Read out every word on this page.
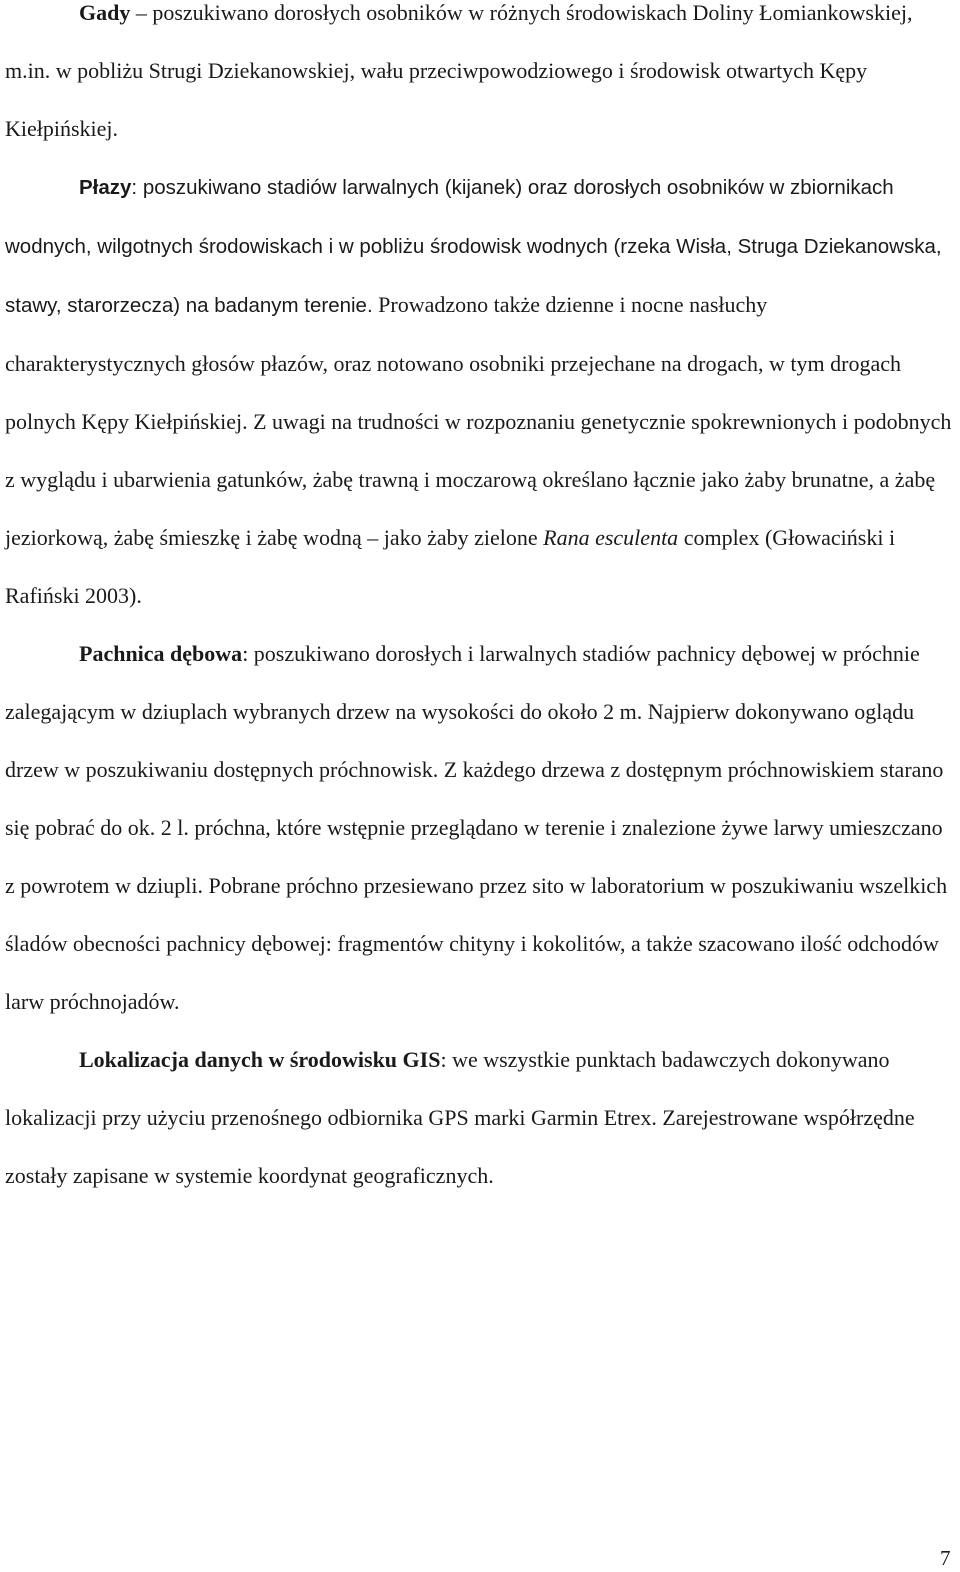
Gady – poszukiwano dorosłych osobników w różnych środowiskach Doliny Łomiankowskiej, m.in. w pobliżu Strugi Dziekanowskiej, wału przeciwpowodziowego i środowisk otwartych Kępy Kiełpińskiej.

Płazy: poszukiwano stadiów larwalnych (kijanek) oraz dorosłych osobników w zbiornikach wodnych, wilgotnych środowiskach i w pobliżu środowisk wodnych (rzeka Wisła, Struga Dziekanowska, stawy, starorzecza) na badanym terenie. Prowadzono także dzienne i nocne nasłuchy charakterystycznych głosów płazów, oraz notowano osobniki przejechane na drogach, w tym drogach polnych Kępy Kiełpińskiej. Z uwagi na trudności w rozpoznaniu genetycznie spokrewnionych i podobnych z wyglądu i ubarwienia gatunków, żabę trawną i moczarową określano łącznie jako żaby brunatne, a żabę jeziorkową, żabę śmieszkę i żabę wodną – jako żaby zielone Rana esculenta complex (Głowaciński i Rafiński 2003).

Pachnica dębowa: poszukiwano dorosłych i larwalnych stadiów pachnicy dębowej w próchnie zalegającym w dziuplach wybranych drzew na wysokości do około 2 m. Najpierw dokonywano oglądu drzew w poszukiwaniu dostępnych próchnowisk. Z każdego drzewa z dostępnym próchnowiskiem starano się pobrać do ok. 2 l. próchna, które wstępnie przeglądano w terenie i znalezione żywe larwy umieszczano z powrotem w dziupli. Pobrane próchno przesiewano przez sito w laboratorium w poszukiwaniu wszelkich śladów obecności pachnicy dębowej: fragmentów chityny i kokolitów, a także szacowano ilość odchodów larw próchnojadów.

Lokalizacja danych w środowisku GIS: we wszystkie punktach badawczych dokonywano lokalizacji przy użyciu przenośnego odbiornika GPS marki Garmin Etrex. Zarejestrowane współrzędne zostały zapisane w systemie koordynat geograficznych.

7
